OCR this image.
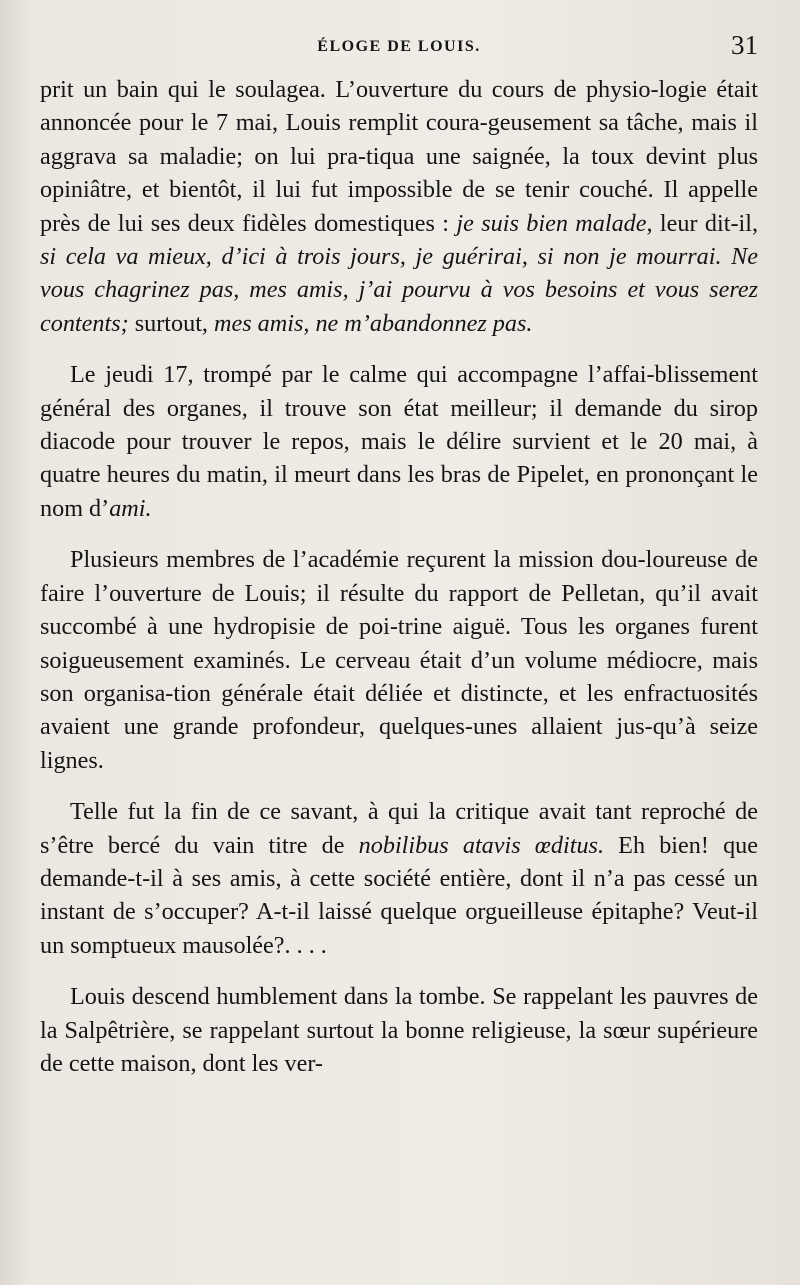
ÉLOGE DE LOUIS.	31

prit un bain qui le soulagea. L’ouverture du cours de physio-logie était annoncée pour le 7 mai, Louis remplit coura-geusement sa tâche, mais il aggrava sa maladie; on lui pra-tiqua une saignée, la toux devint plus opiniâtre, et bientôt, il lui fut impossible de se tenir couché. Il appelle près de lui ses deux fidèles domestiques : je suis bien malade, leur dit-il, si cela va mieux, d’ici à trois jours, je guérirai, si non je mourrai. Ne vous chagrinez pas, mes amis, j’ai pourvu à vos besoins et vous serez contents; surtout, mes amis, ne m’abandonnez pas.

Le jeudi 17, trompé par le calme qui accompagne l’affai-blissement général des organes, il trouve son état meilleur; il demande du sirop diacode pour trouver le repos, mais le délire survient et le 20 mai, à quatre heures du matin, il meurt dans les bras de Pipelet, en prononçant le nom d’ami.

Plusieurs membres de l’académie reçurent la mission dou-loureuse de faire l’ouverture de Louis; il résulte du rapport de Pelletan, qu’il avait succombé à une hydropisie de poi-trine aiguë. Tous les organes furent soigueusement examinés. Le cerveau était d’un volume médiocre, mais son organisa-tion générale était déliée et distincte, et les enfractuosités avaient une grande profondeur, quelques-unes allaient jus-qu’à seize lignes.

Telle fut la fin de ce savant, à qui la critique avait tant reproché de s’être bercé du vain titre de nobilibus atavis œditus. Eh bien! que demande-t-il à ses amis, à cette société entière, dont il n’a pas cessé un instant de s’occuper? A-t-il laissé quelque orgueilleuse épitaphe? Veut-il un somptueux mausolée?. . . .

Louis descend humblement dans la tombe. Se rappelant les pauvres de la Salpêtrière, se rappelant surtout la bonne religieuse, la sœur supérieure de cette maison, dont les ver-
